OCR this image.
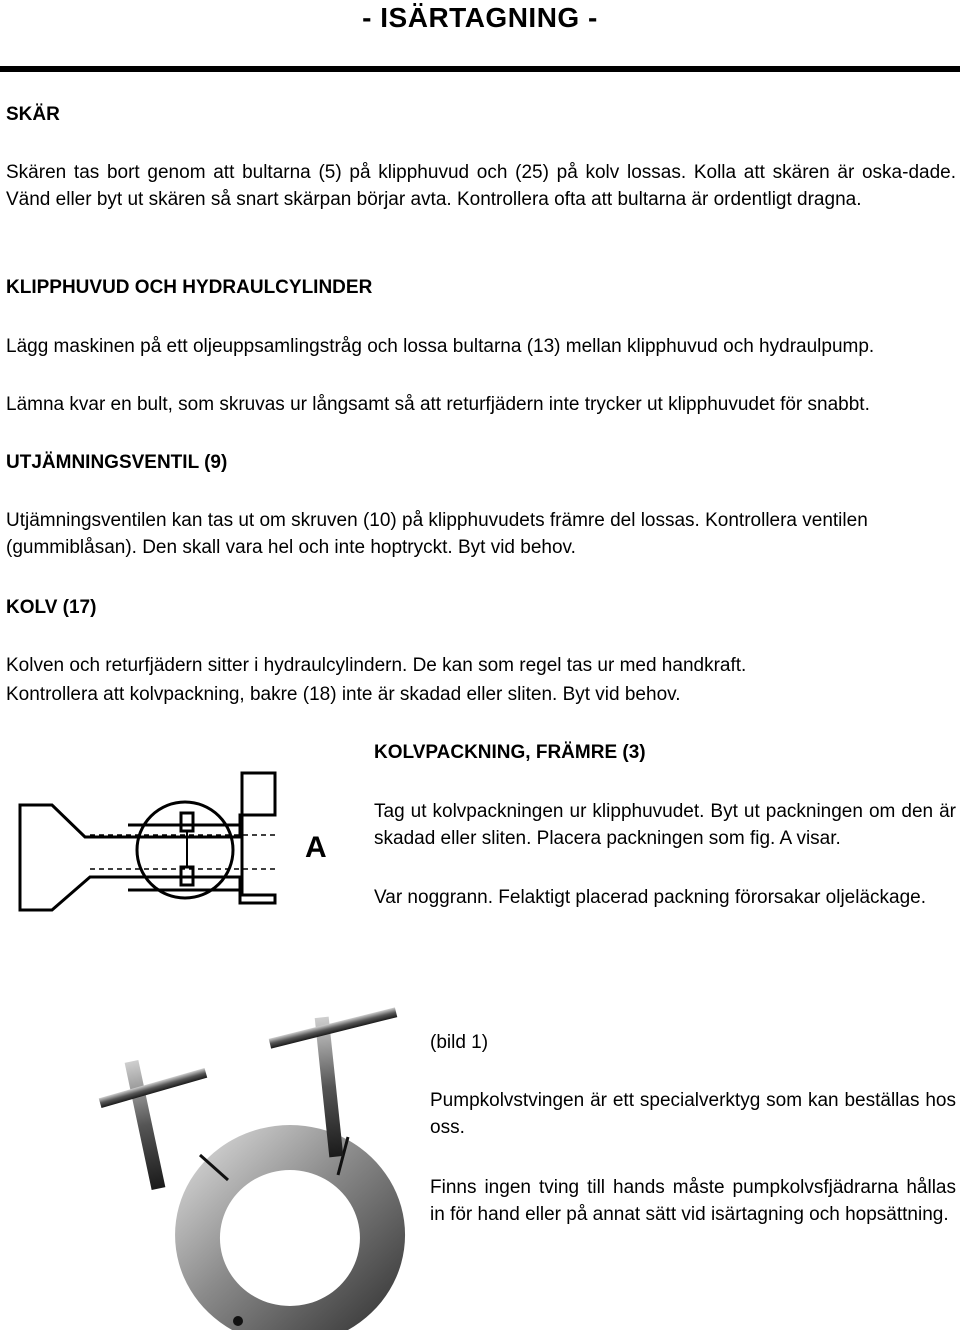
- ISÄRTAGNING -
SKÄR
Skären tas bort genom att bultarna (5) på klipphuvud och (25) på kolv lossas. Kolla att skären är oska-dade. Vänd eller byt ut skären så snart skärpan börjar avta. Kontrollera ofta att bultarna är ordentligt dragna.
KLIPPHUVUD OCH HYDRAULCYLINDER
Lägg maskinen på ett oljeuppsamlingstråg och lossa bultarna (13) mellan klipphuvud och hydraulpump.
Lämna kvar en bult, som skruvas ur långsamt så att returfjädern inte trycker ut klipphuvudet för snabbt.
UTJÄMNINGSVENTIL (9)
Utjämningsventilen kan tas ut om skruven (10) på klipphuvudets främre del lossas. Kontrollera ventilen (gummiblåsan). Den skall vara hel och inte hoptryckt. Byt vid behov.
KOLV (17)
Kolven och returfjädern sitter i hydraulcylindern. De kan som regel tas ur med handkraft.
Kontrollera att kolvpackning, bakre (18) inte är skadad eller sliten. Byt vid behov.
A
KOLVPACKNING, FRÄMRE (3)
Tag ut kolvpackningen ur klipphuvudet. Byt ut packningen om den är skadad eller sliten. Placera packningen som fig. A visar.
Var noggrann. Felaktigt placerad packning förorsakar oljeläckage.
(bild 1)
Pumpkolvstvingen är ett specialverktyg som kan beställas hos oss.
Finns ingen tving till hands måste pumpkolvsfjädrarna hållas in för hand eller på annat sätt vid isärtagning och hopsättning.
